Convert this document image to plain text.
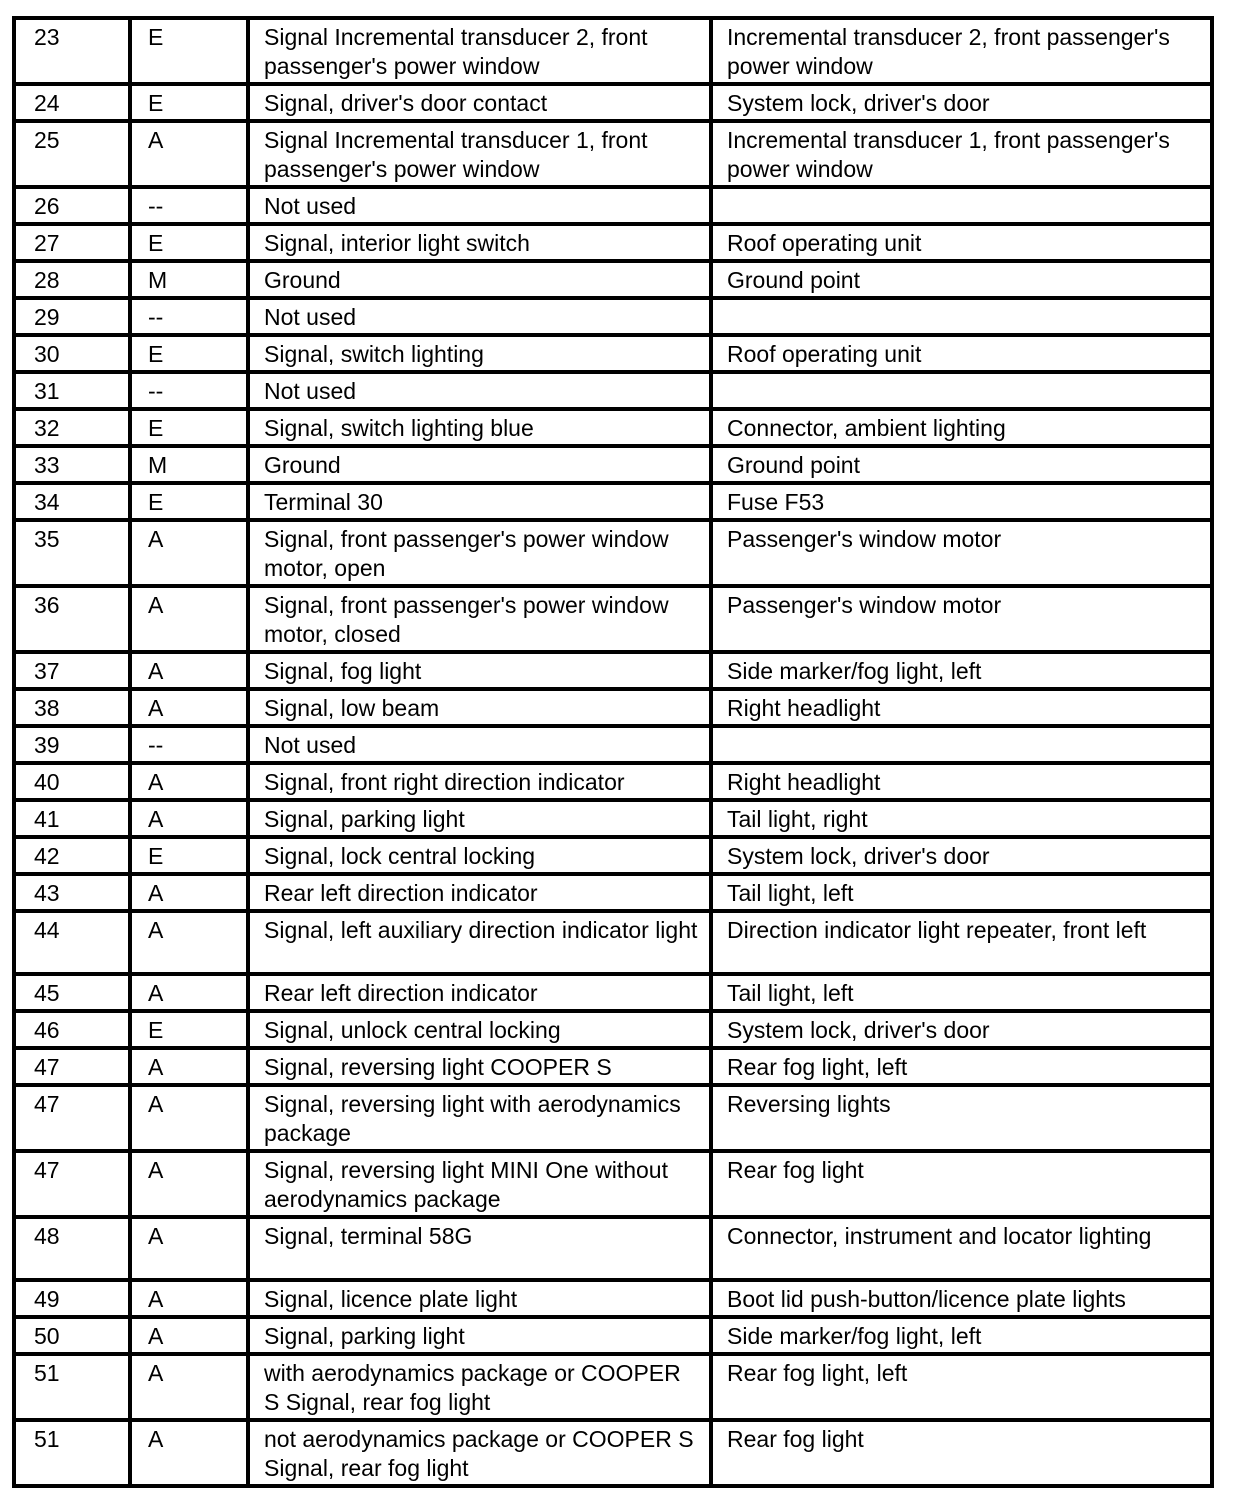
23	E	Signal Incremental transducer 2, front passenger's power window	Incremental transducer 2, front passenger's power window
24	E	Signal, driver's door contact	System lock, driver's door
25	A	Signal Incremental transducer 1, front passenger's power window	Incremental transducer 1, front passenger's power window
26	--	Not used	
27	E	Signal, interior light switch	Roof operating unit
28	M	Ground	Ground point
29	--	Not used	
30	E	Signal, switch lighting	Roof operating unit
31	--	Not used	
32	E	Signal, switch lighting blue	Connector, ambient lighting
33	M	Ground	Ground point
34	E	Terminal 30	Fuse F53
35	A	Signal, front passenger's power window motor, open	Passenger's window motor
36	A	Signal, front passenger's power window motor, closed	Passenger's window motor
37	A	Signal, fog light	Side marker/fog light, left
38	A	Signal, low beam	Right headlight
39	--	Not used	
40	A	Signal, front right direction indicator	Right headlight
41	A	Signal, parking light	Tail light, right
42	E	Signal, lock central locking	System lock, driver's door
43	A	Rear left direction indicator	Tail light, left
44	A	Signal, left auxiliary direction indicator light	Direction indicator light repeater, front left
45	A	Rear left direction indicator	Tail light, left
46	E	Signal, unlock central locking	System lock, driver's door
47	A	Signal, reversing light COOPER S	Rear fog light, left
47	A	Signal, reversing light with aerodynamics package	Reversing lights
47	A	Signal, reversing light MINI One without aerodynamics package	Rear fog light
48	A	Signal, terminal 58G	Connector, instrument and locator lighting
49	A	Signal, licence plate light	Boot lid push-button/licence plate lights
50	A	Signal, parking light	Side marker/fog light, left
51	A	with aerodynamics package or COOPER S Signal, rear fog light	Rear fog light, left
51	A	not aerodynamics package or COOPER S Signal, rear fog light	Rear fog light
